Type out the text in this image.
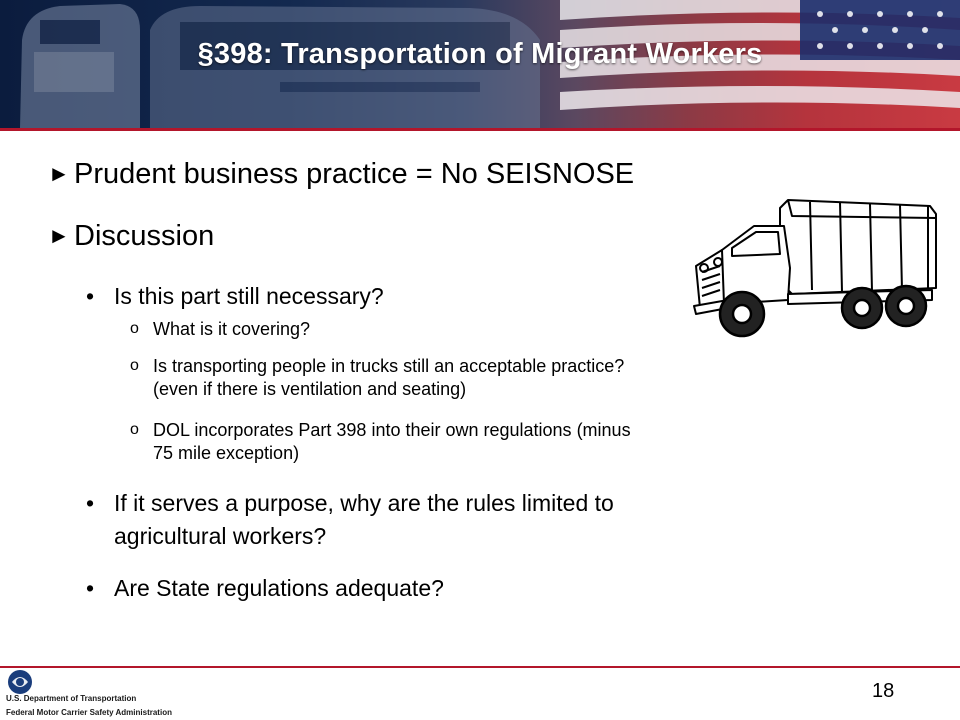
§398: Transportation of Migrant Workers
► Prudent business practice = No SEISNOSE
► Discussion
• Is this part still necessary?
o What is it covering?
o Is transporting people in trucks still an acceptable practice?
(even if there is ventilation and seating)
o DOL incorporates Part 398 into their own regulations (minus
75 mile exception)
• If it serves a purpose, why are the rules limited to
agricultural workers?
• Are State regulations adequate?
U.S. Department of Transportation
Federal Motor Carrier Safety Administration
18
